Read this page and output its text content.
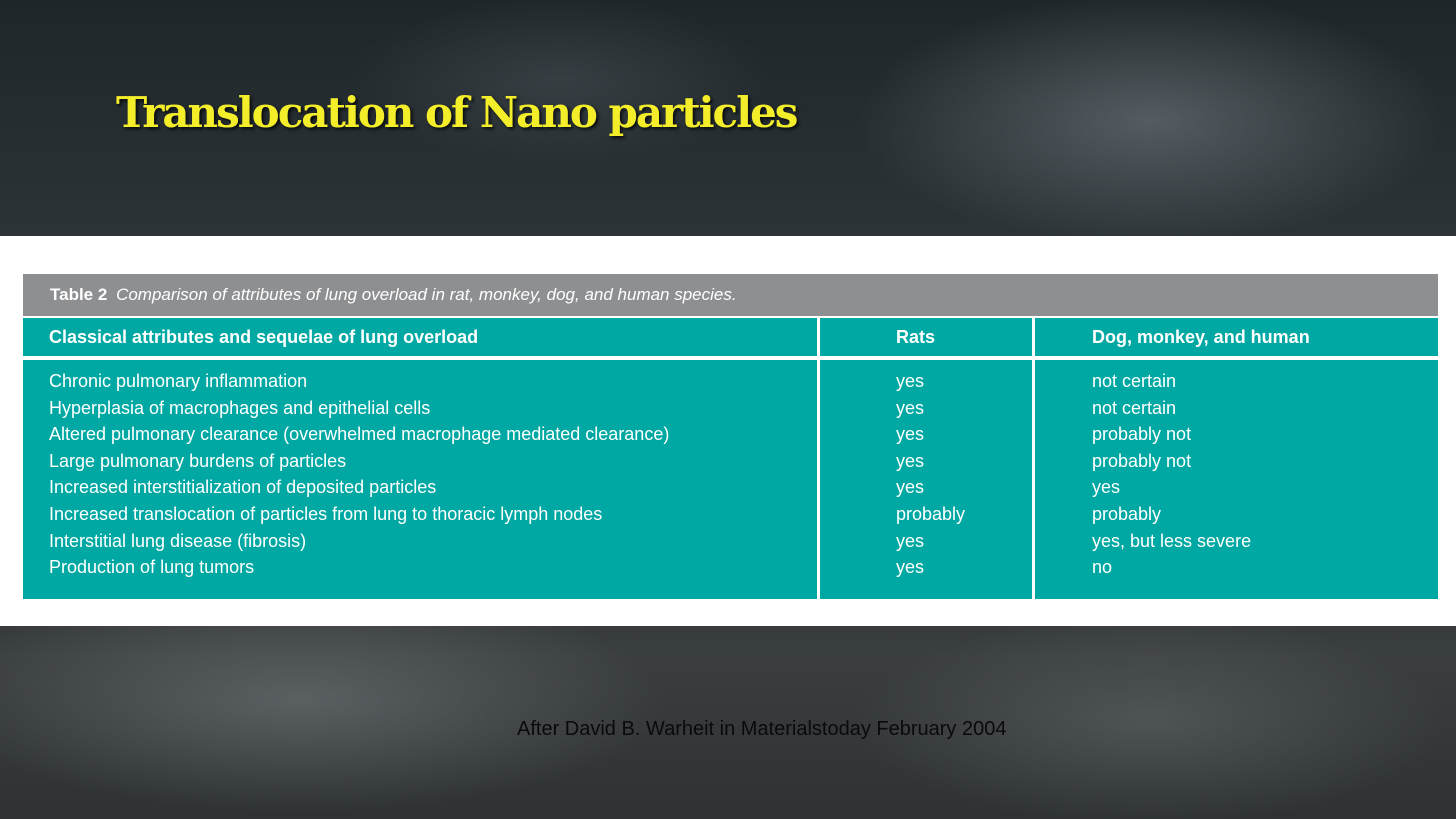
Translocation of Nano particles
Table 2 Comparison of attributes of lung overload in rat, monkey, dog, and human species.
Classical attributes and sequelae of lung overload	Rats	Dog, monkey, and human
Chronic pulmonary inflammation
Hyperplasia of macrophages and epithelial cells
Altered pulmonary clearance (overwhelmed macrophage mediated clearance)
Large pulmonary burdens of particles
Increased interstitialization of deposited particles
Increased translocation of particles from lung to thoracic lymph nodes
Interstitial lung disease (fibrosis)
Production of lung tumors
yes
yes
yes
yes
yes
probably
yes
yes
not certain
not certain
probably not
probably not
yes
probably
yes, but less severe
no
After David B. Warheit in Materialstoday February 2004
